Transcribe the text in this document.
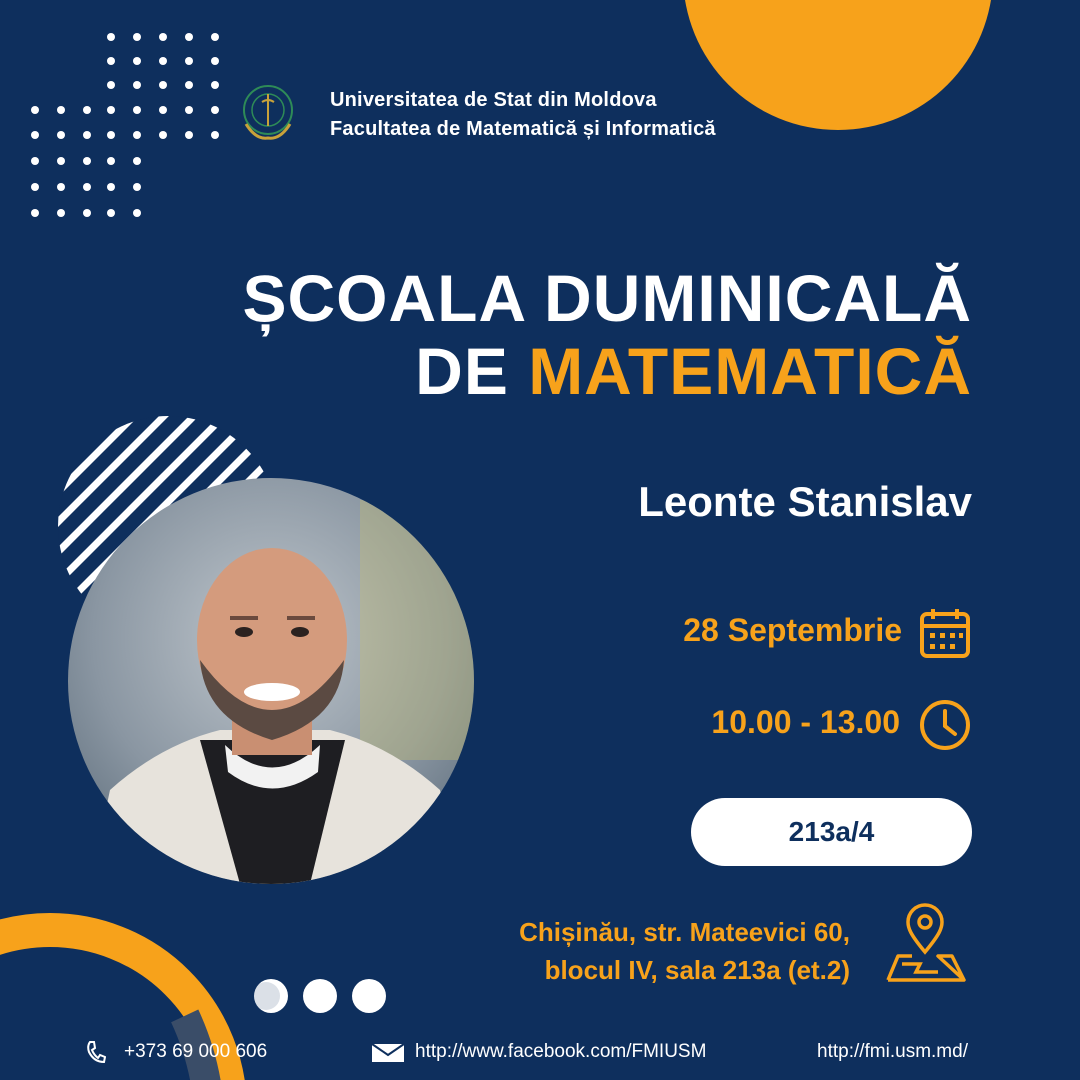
Universitatea de Stat din Moldova
Facultatea de Matematică și Informatică
ȘCOALA DUMINICALĂ
DE MATEMATICĂ
Leonte Stanislav
28 Septembrie
10.00 - 13.00
213a/4
Chișinău, str. Mateevici 60,
blocul IV, sala 213a (et.2)
+373 69 000 606	http://www.facebook.com/FMIUSM	http://fmi.usm.md/
